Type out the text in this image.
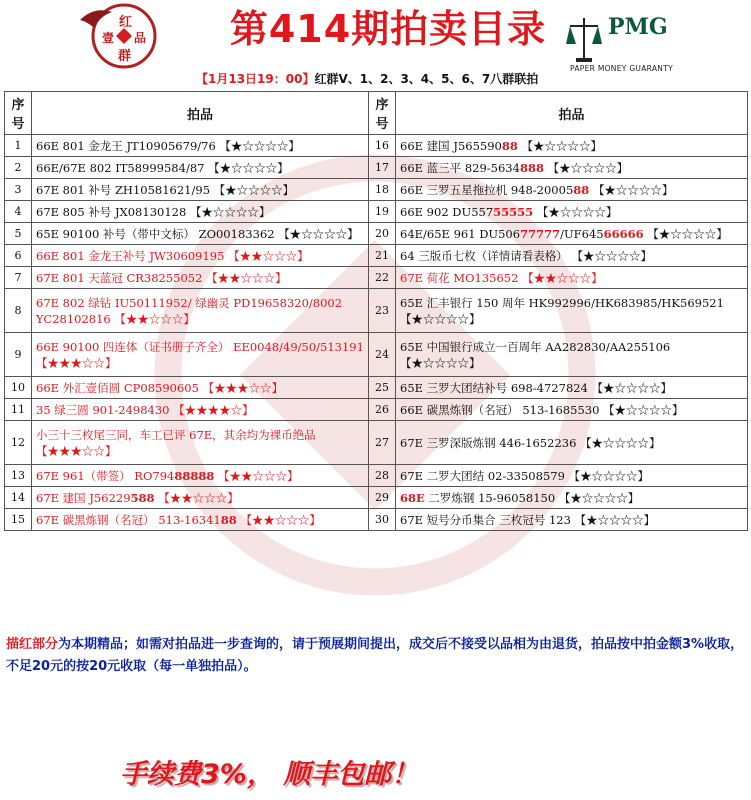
红
壹 品
群
第414期拍卖目录	PMG
PAPER MONEY GUARANTY
【1月13日19：00】红群V、1、2、3、4、5、6、7八群联拍
序号	拍品	序号	拍品
1	66E 801 金龙王 JT10905679/76 【★☆☆☆☆】	16	66E 建国 J56559088 【★☆☆☆☆】
2	66E/67E 802 IT58999584/87 【★☆☆☆☆】	17	66E 蓝三平 829-5634888 【★☆☆☆☆】
3	67E 801 补号 ZH10581621/95 【★☆☆☆☆】	18	66E 三罗五星拖拉机 948-2000588 【★☆☆☆☆】
4	67E 805 补号 JX08130128 【★☆☆☆☆】	19	66E 902 DU55755555 【★☆☆☆☆】
5	65E 90100 补号（带中文标） ZO00183362 【★☆☆☆☆】	20	64E/65E 961 DU50677777/UF64566666 【★☆☆☆☆】
6	66E 801 金龙王补号 JW30609195 【★★☆☆☆】	21	64 三版币七枚（详情请看表格） 【★☆☆☆☆】
7	67E 801 天蓝冠 CR38255052 【★★☆☆☆】	22	67E 荷花 MO135652 【★★☆☆☆】
8	67E 802 绿钻 IU50111952/ 绿幽灵 PD19658320/8002 YC28102816 【★★☆☆☆】	23	65E 汇丰银行 150 周年 HK992996/HK683985/HK569521 【★☆☆☆☆】
9	66E 90100 四连体（证书册子齐全） EE0048/49/50/513191 【★★★☆☆】	24	65E 中国银行成立一百周年 AA282830/AA255106 【★☆☆☆☆】
10	66E 外汇壹佰圆 CP08590605 【★★★☆☆】	25	65E 三罗大团结补号 698-4727824 【★☆☆☆☆】
11	35 绿三圆 901-2498430 【★★★★☆】	26	66E 碳黑炼钢（名冠） 513-1685530 【★☆☆☆☆】
12	小三十三枚尾三同，车工已评 67E，其余均为裸币绝品 【★★★☆☆】	27	67E 三罗深版炼钢 446-1652236 【★☆☆☆☆】
13	67E 961（带签） RO79488888 【★★☆☆☆】	28	67E 二罗大团结 02-33508579 【★☆☆☆☆】
14	67E 建国 J56229588 【★★☆☆☆】	29	68E 二罗炼钢 15-96058150 【★☆☆☆☆】
15	67E 碳黑炼钢（名冠） 513-1634188 【★★☆☆☆】	30	67E 短号分币集合 三枚冠号 123 【★☆☆☆☆】
描红部分为本期精品；如需对拍品进一步查询的，请于预展期间提出，成交后不接受以品相为由退货，拍品按中拍金额3%收取，不足20元的按20元收取（每一单独拍品）。
手续费3%， 顺丰包邮！
